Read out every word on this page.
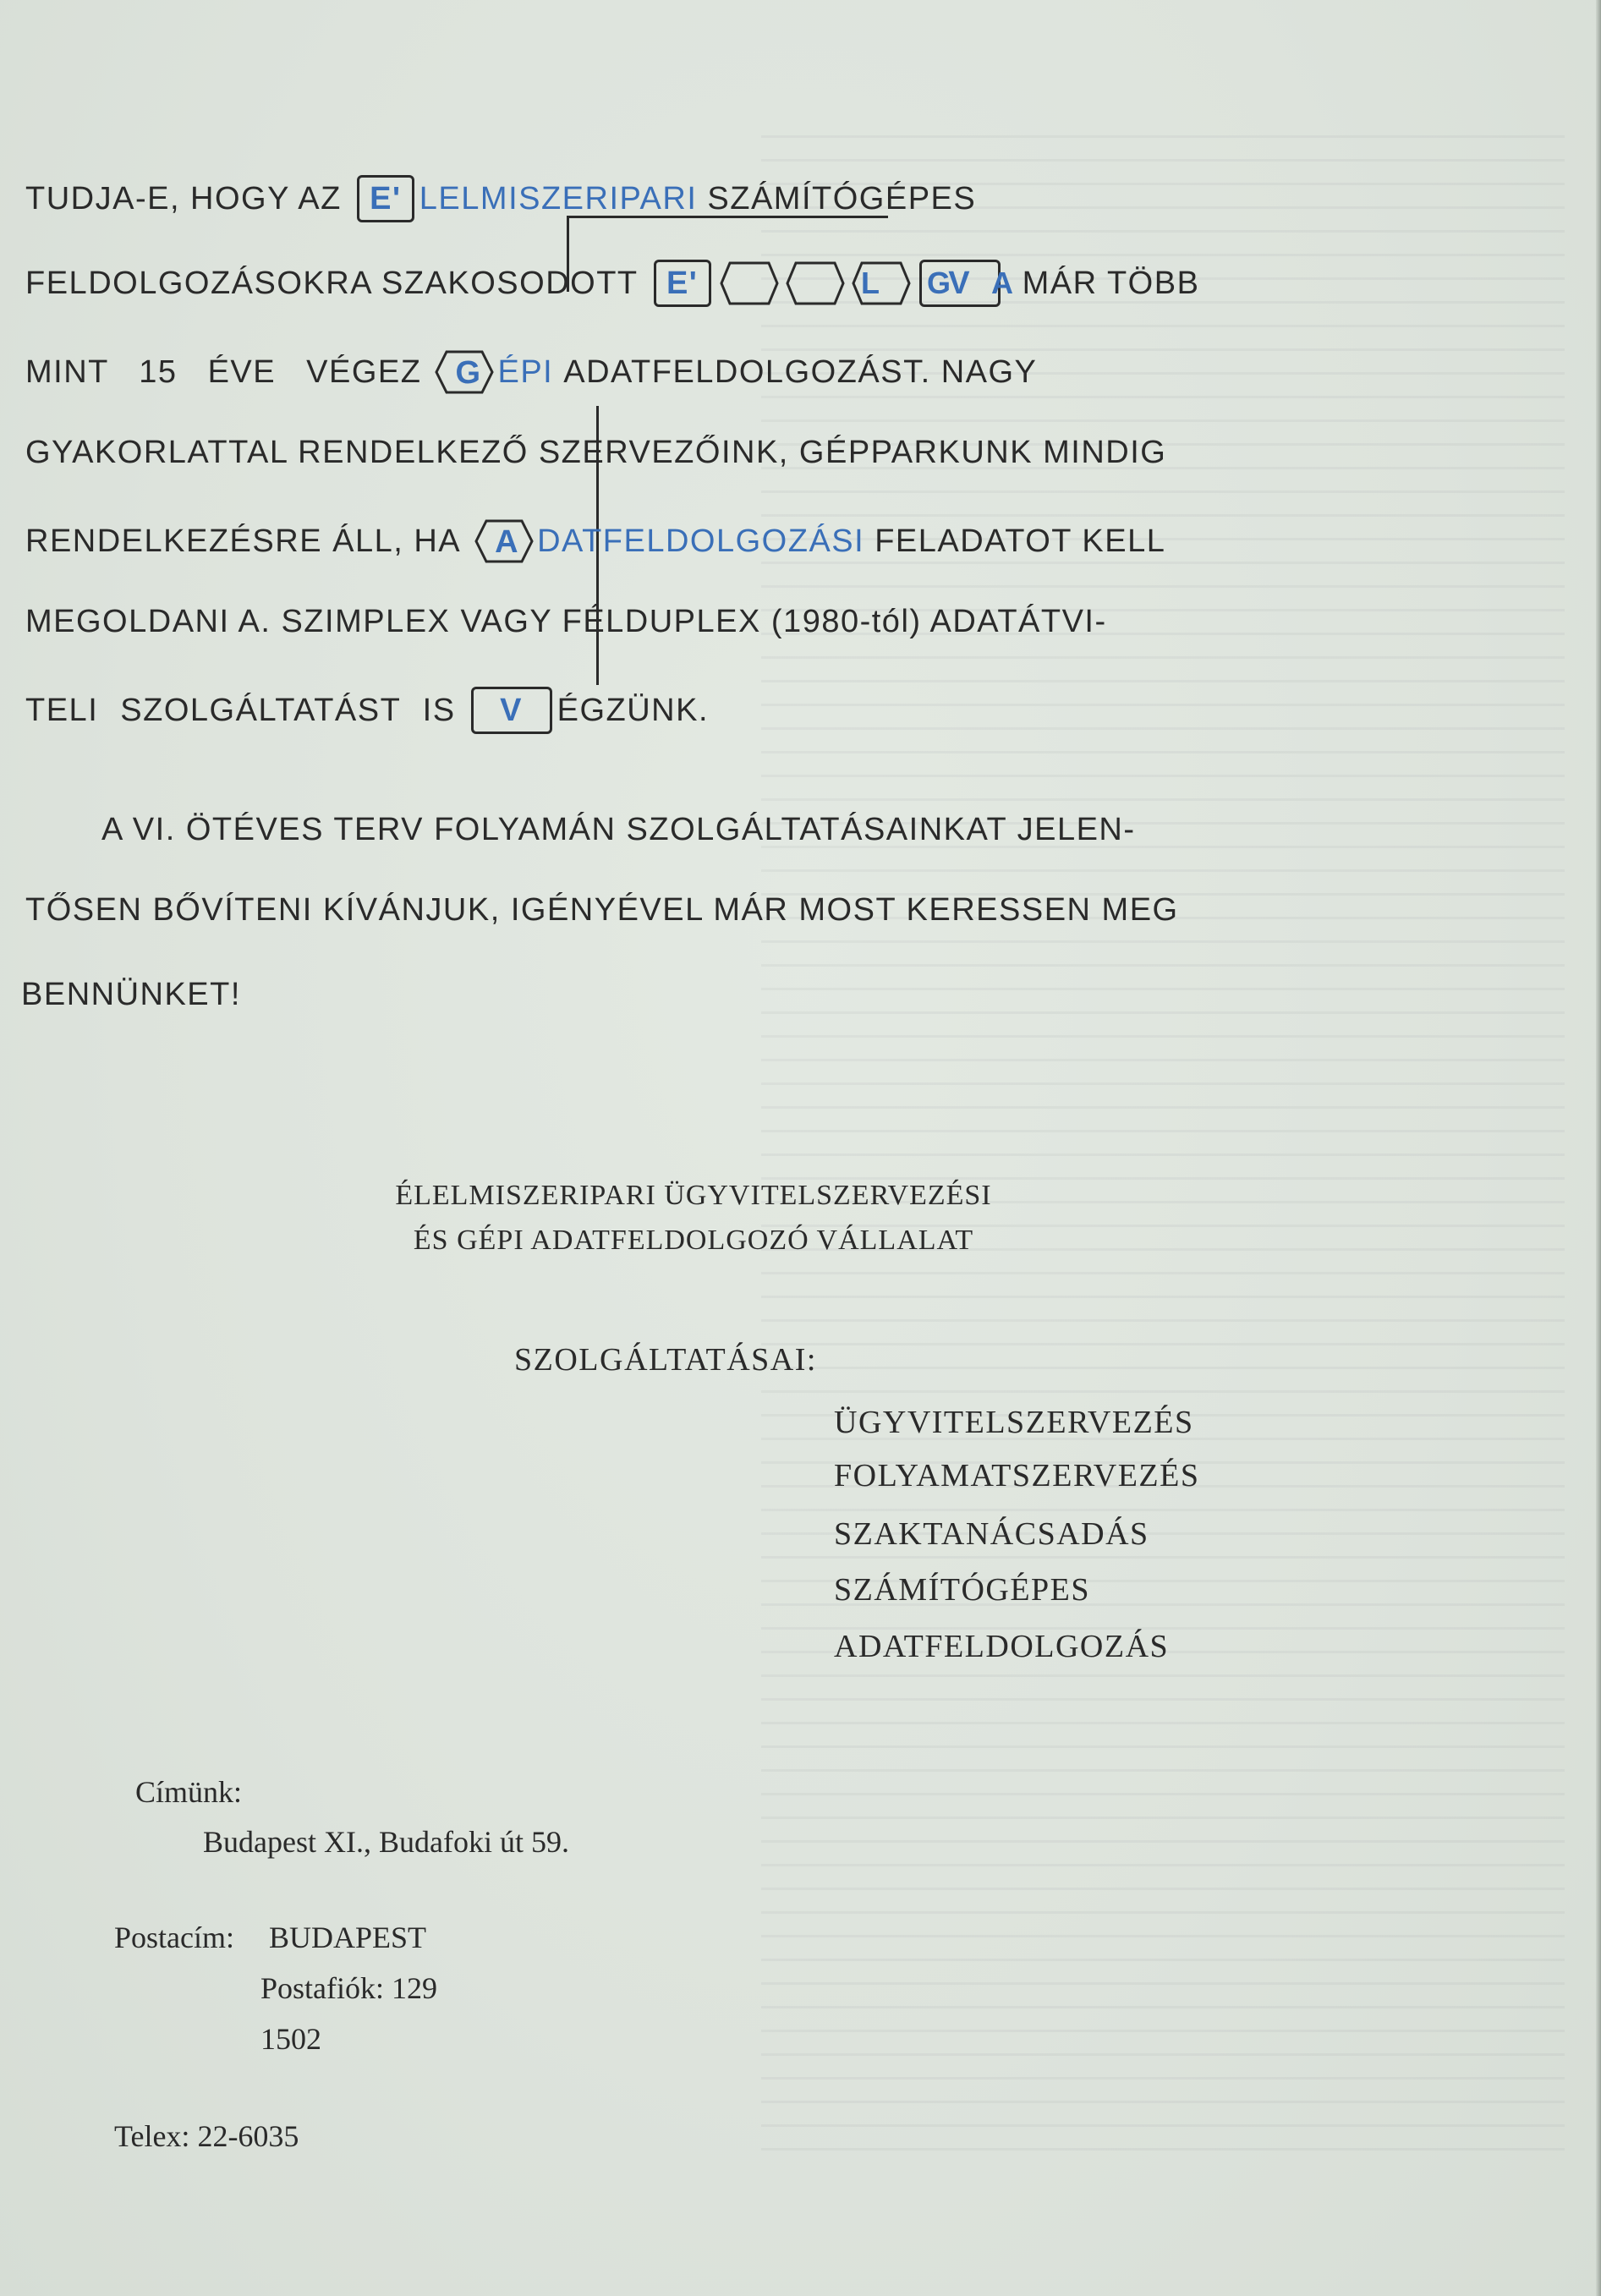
TUDJA-E, HOGY AZ E' LELMISZERIPARI SZÁMÍTÓGÉPES
FELDOLGOZÁSOKRA SZAKOSODOTT E'	V	MÁR TÖBB
L G A
MINT 15 ÉVE VÉGEZ G ÉPI ADATFELDOLGOZÁST. NAGY
GYAKORLATTAL RENDELKEZŐ SZERVEZŐINK, GÉPPARKUNK MINDIG
RENDELKEZÉSRE ÁLL, HA A DATFELDOLGOZÁSI FELADATOT KELL
MEGOLDANI A. SZIMPLEX VAGY FÉLDUPLEX (1980-tól) ADATÁTVI-
TELI SZOLGÁLTATÁST IS	V	ÉGZÜNK.
A VI. ÖTÉVES TERV FOLYAMÁN SZOLGÁLTATÁSAINKAT JELEN-
TŐSEN BŐVÍTENI KÍVÁNJUK, IGÉNYÉVEL MÁR MOST KERESSEN MEG
BENNÜNKET!
ÉLELMISZERIPARI ÜGYVITELSZERVEZÉSI
ÉS GÉPI ADATFELDOLGOZÓ VÁLLALAT
SZOLGÁLTATÁSAI:
ÜGYVITELSZERVEZÉS
FOLYAMATSZERVEZÉS
SZAKTANÁCSADÁS
SZÁMÍTÓGÉPES
ADATFELDOLGOZÁS
Címünk:
Budapest XI., Budafoki út 59.
Postacím: BUDAPEST
Postafiók: 129
1502
Telex: 22-6035
